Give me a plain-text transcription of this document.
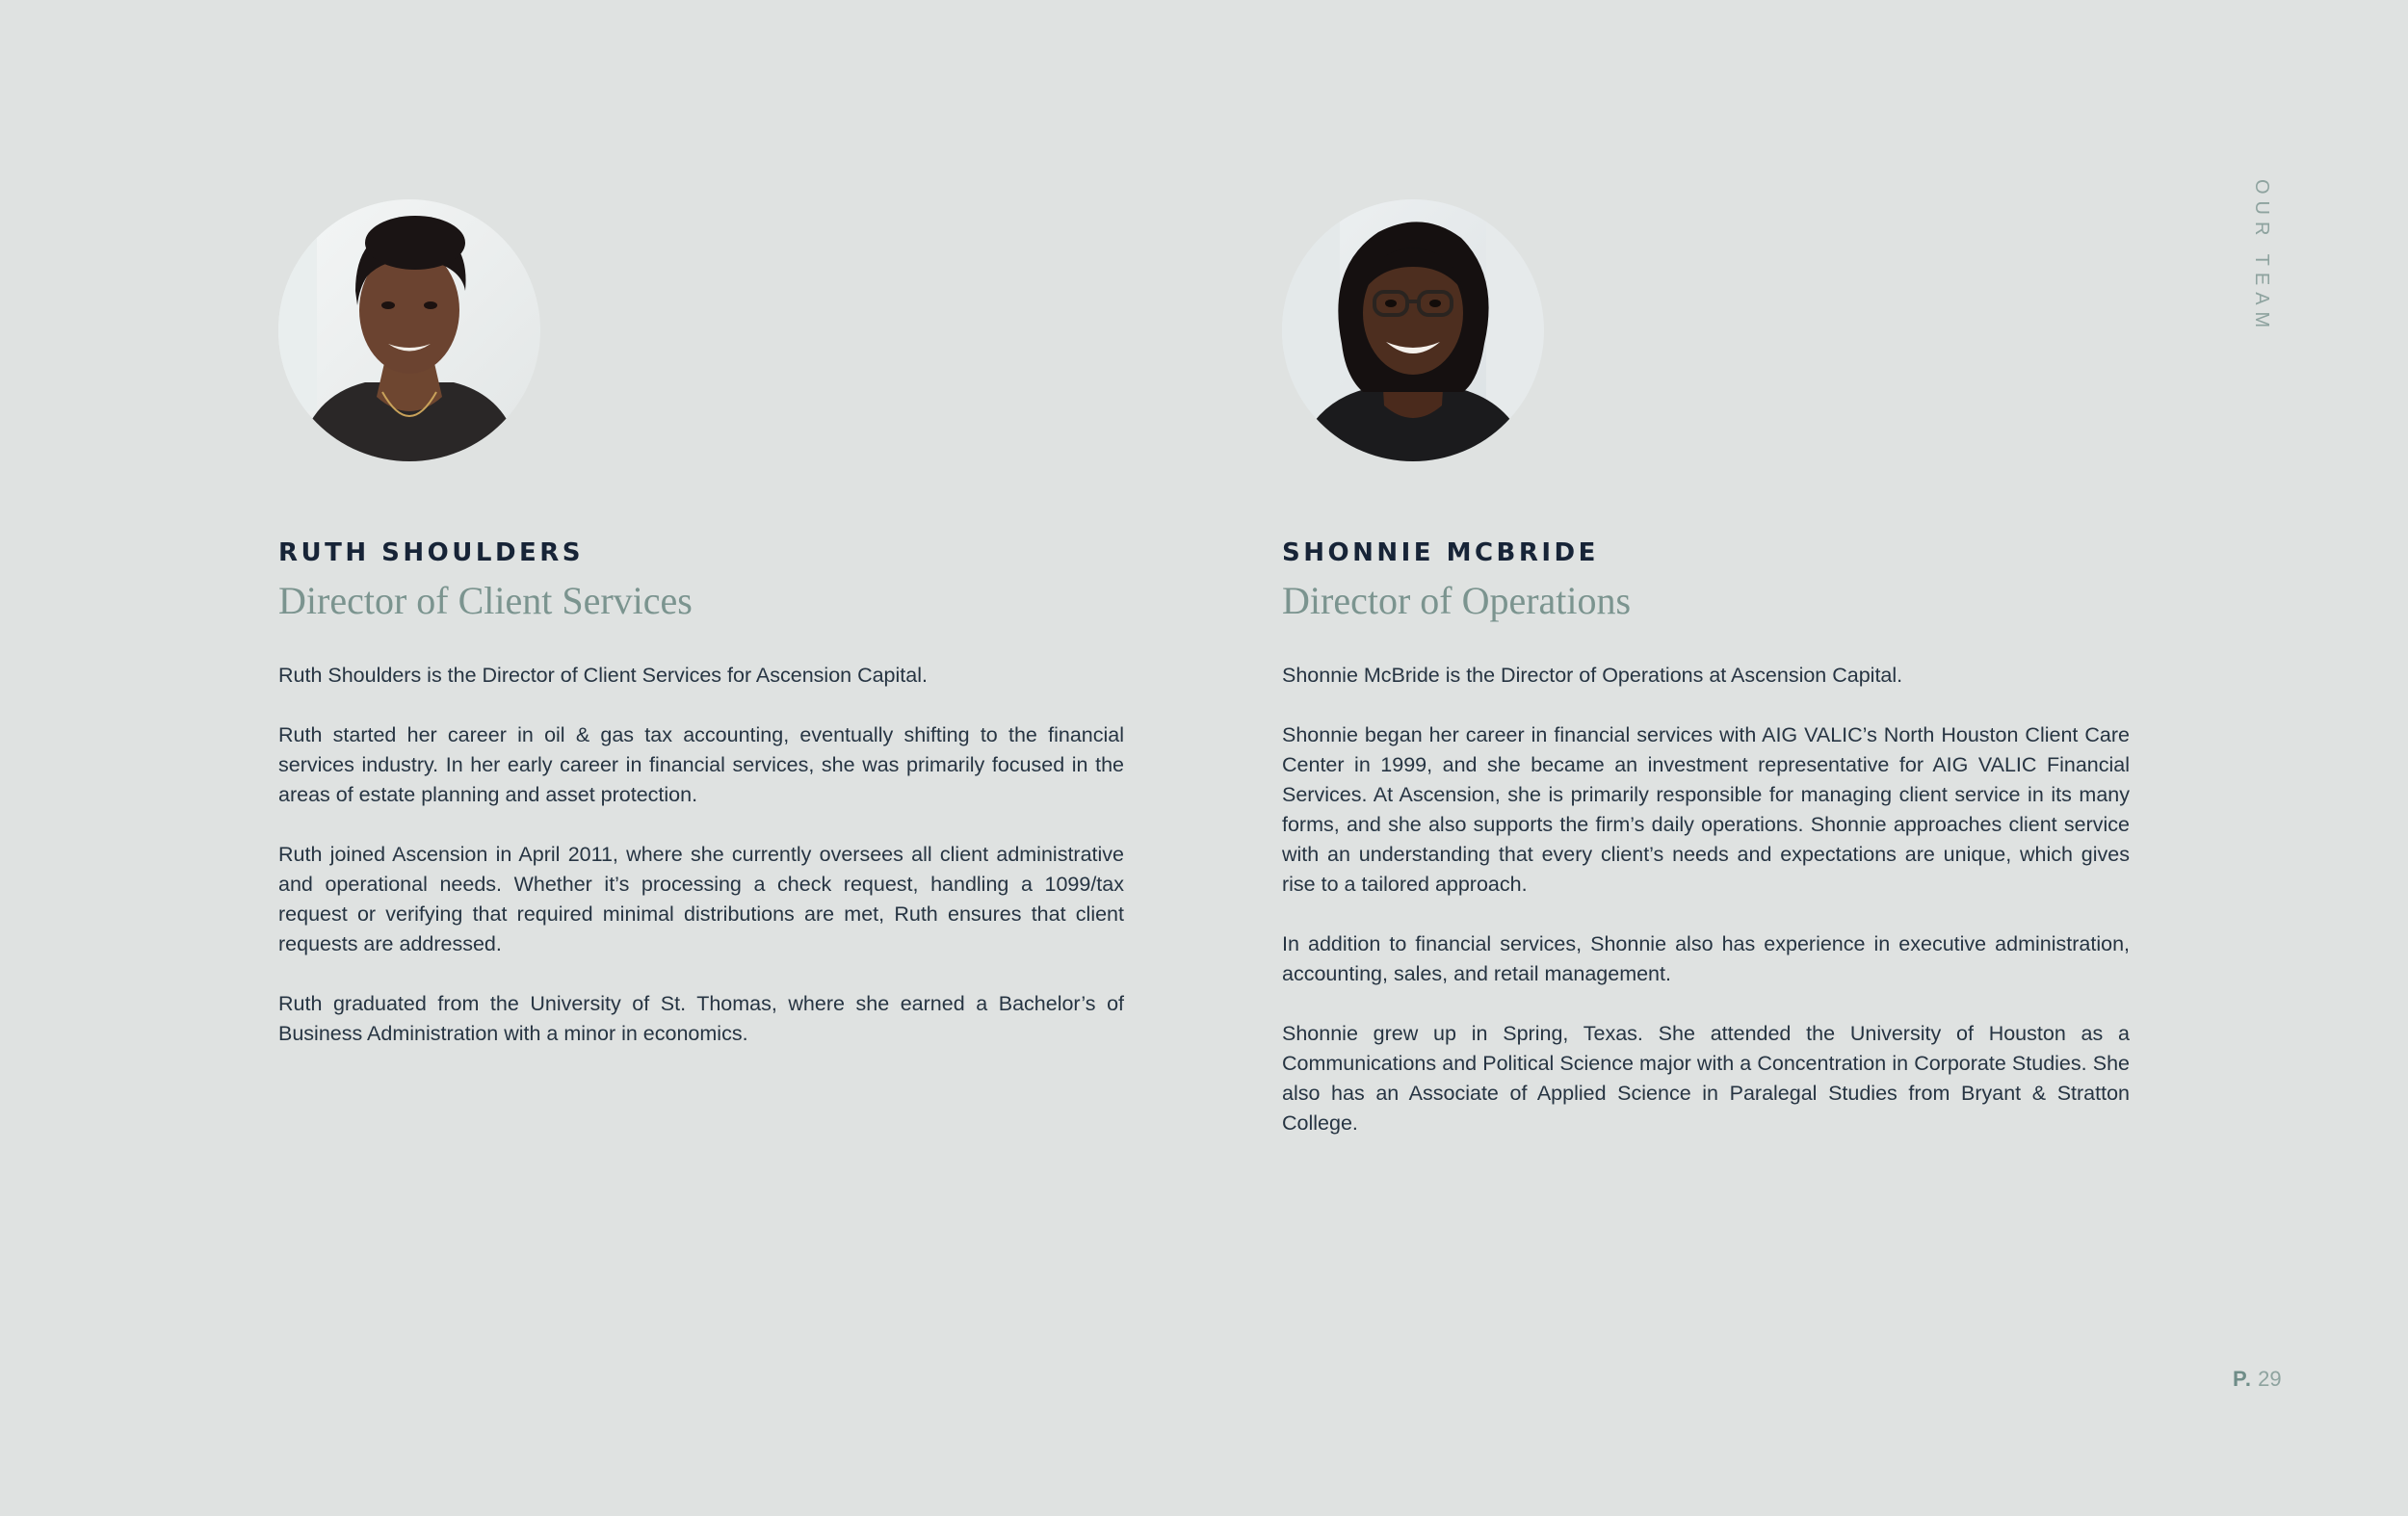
OUR TEAM
RUTH SHOULDERS
Director of Client Services

Ruth Shoulders is the Director of Client Services for Ascension Capital.

Ruth started her career in oil & gas tax accounting, eventually shifting to the financial services industry. In her early career in financial services, she was primarily focused in the areas of estate planning and asset protection.

Ruth joined Ascension in April 2011, where she currently oversees all client administrative and operational needs. Whether it’s processing a check request, handling a 1099/tax request or verifying that required minimal distributions are met, Ruth ensures that client requests are addressed.

Ruth graduated from the University of St. Thomas, where she earned a Bachelor’s of Business Administration with a minor in economics.

SHONNIE MCBRIDE
Director of Operations

Shonnie McBride is the Director of Operations at Ascension Capital.

Shonnie began her career in financial services with AIG VALIC’s North Houston Client Care Center in 1999, and she became an investment representative for AIG VALIC Financial Services. At Ascension, she is primarily responsible for managing client service in its many forms, and she also supports the firm’s daily operations. Shonnie approaches client service with an understanding that every client’s needs and expectations are unique, which gives rise to a tailored approach.

In addition to financial services, Shonnie also has experience in executive administration, accounting, sales, and retail management.

Shonnie grew up in Spring, Texas. She attended the University of Houston as a Communications and Political Science major with a Concentration in Corporate Studies. She also has an Associate of Applied Science in Paralegal Studies from Bryant & Stratton College.

P. 29
